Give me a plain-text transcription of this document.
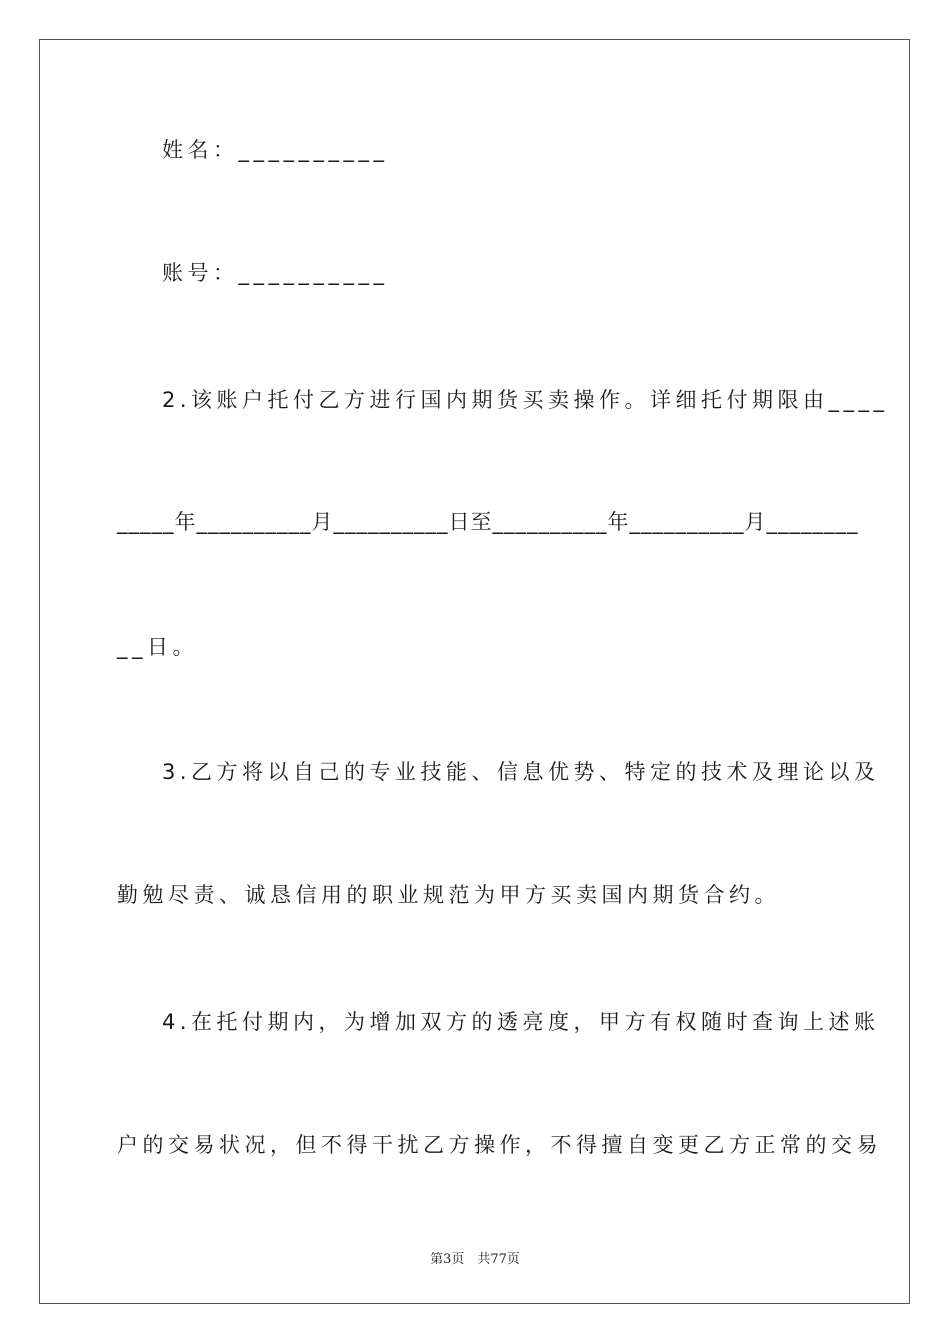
姓名：__________
账号：__________
2.该账户托付乙方进行国内期货买卖操作。详细托付期限由____
_____年__________月__________日至__________年__________月________
__日。
3.乙方将以自己的专业技能、信息优势、特定的技术及理论以及
勤勉尽责、诚恳信用的职业规范为甲方买卖国内期货合约。
4.在托付期内，为增加双方的透亮度，甲方有权随时查询上述账
户的交易状况，但不得干扰乙方操作，不得擅自变更乙方正常的交易
第3页　共77页
